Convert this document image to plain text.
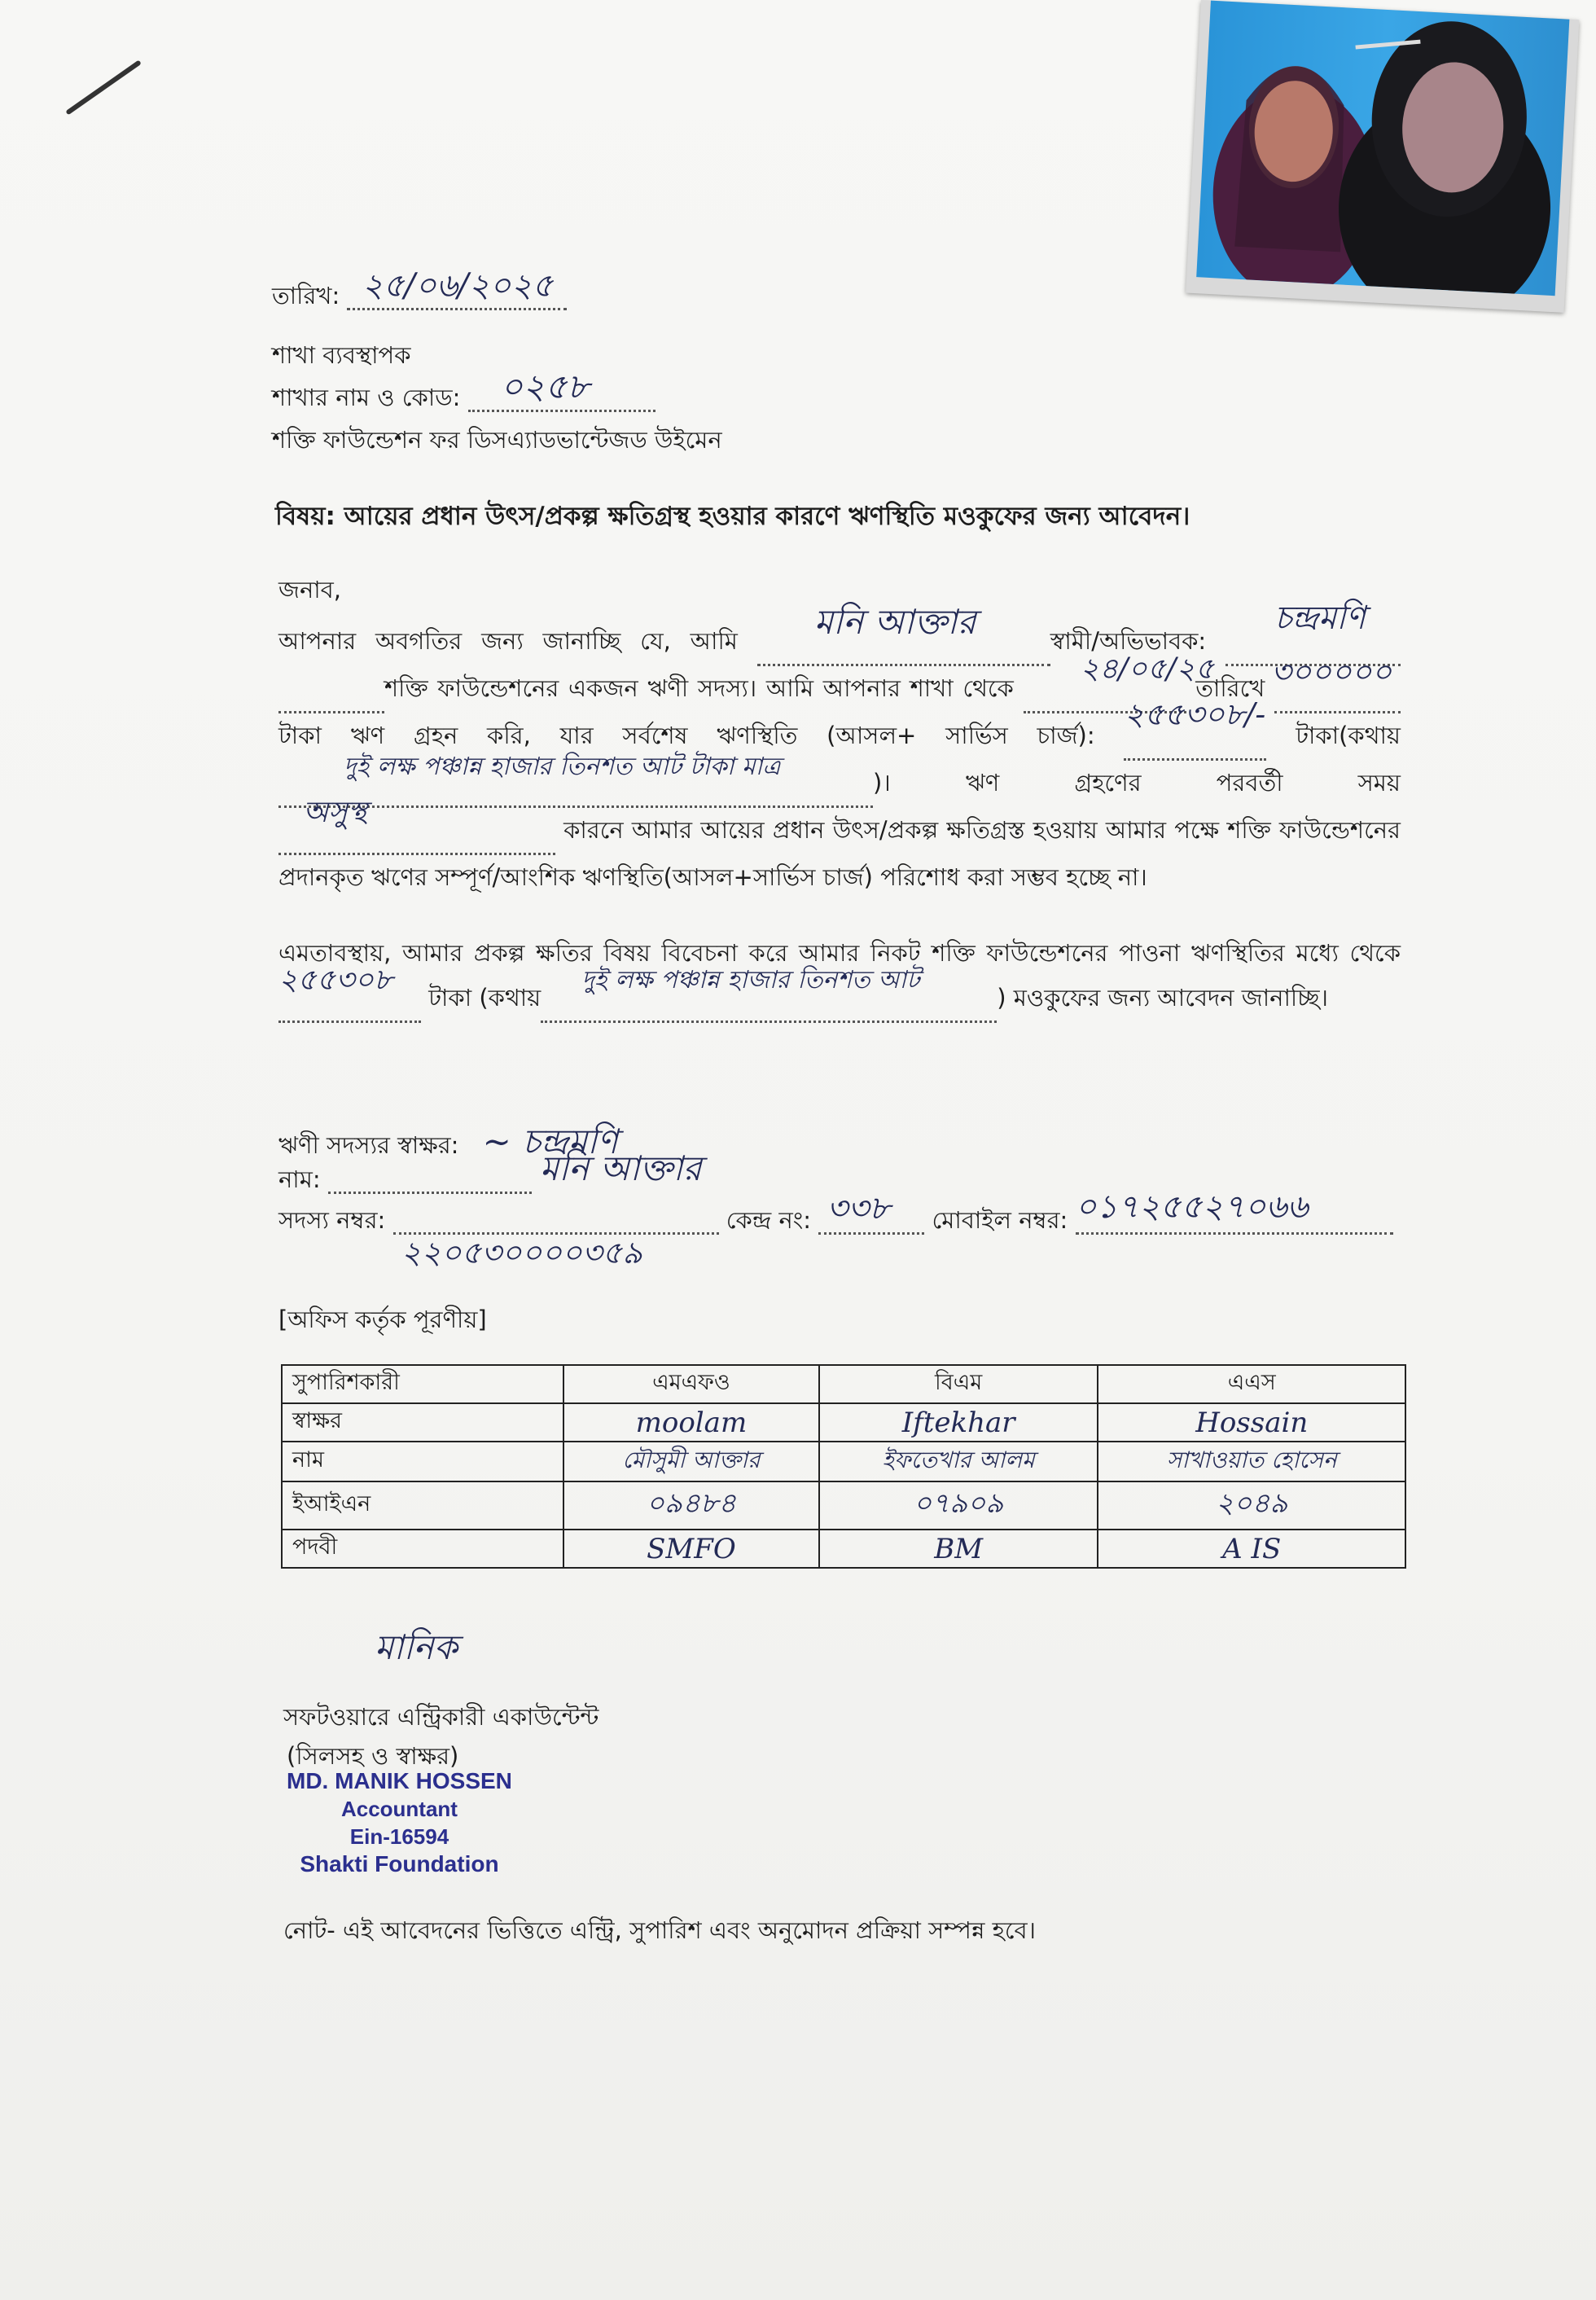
তারিখ: ২৫/০৬/২০২৫
শাখা ব্যবস্থাপক
শাখার নাম ও কোড: ০২৫৮
শক্তি ফাউন্ডেশন ফর ডিসএ্যাডভান্টেজড উইমেন
বিষয়: আয়ের প্রধান উৎস/প্রকল্প ক্ষতিগ্রস্থ হওয়ার কারণে ঋণস্থিতি মওকুফের জন্য আবেদন।
জনাব,
আপনার অবগতির জন্য জানাচ্ছি যে, আমি মনি আক্তার	স্বামী/অভিভাবক:
চন্দ্রমণি
শক্তি ফাউন্ডেশনের একজন ঋণী সদস্য। আমি আপনার শাখা থেকে
২৪/০৫/২৫
তারিখে ৩০০০০০
টাকা ঋণ গ্রহন করি, যার সর্বশেষ ঋণস্থিতি (আসল+ সার্ভিস চার্জ):
২৫৫৩০৮/-
টাকা(কথায়
দুই লক্ষ পঞ্চান্ন হাজার তিনশত আট টাকা মাত্র
)। ঋণ গ্রহণের পরবর্তী সময়
অসুস্থ
কারনে আমার আয়ের প্রধান উৎস/প্রকল্প ক্ষতিগ্রস্ত হওয়ায় আমার পক্ষে শক্তি ফাউন্ডেশনের প্রদানকৃত ঋণের সম্পূর্ণ/আংশিক ঋণস্থিতি(আসল+সার্ভিস চার্জ) পরিশোধ করা সম্ভব হচ্ছে না।
এমতাবস্থায়, আমার প্রকল্প ক্ষতির বিষয় বিবেচনা করে আমার নিকট শক্তি ফাউন্ডেশনের পাওনা ঋণস্থিতির মধ্যে থেকে
২৫৫৩০৮
টাকা (কথায়
দুই লক্ষ পঞ্চান্ন হাজার তিনশত আট
) মওকুফের জন্য আবেদন জানাচ্ছি।
ঋণী সদস্যর স্বাক্ষর: ~ চন্দ্রমণি
নাম:	মনি আক্তার
সদস্য নম্বর:
২২০৫৩০০০০৩৫৯
কেন্দ্র নং: ৩৩৮ মোবাইল নম্বর: ০১৭২৫৫২৭০৬৬
[অফিস কর্তৃক পূরণীয়]
সুপারিশকারী	এমএফও	বিএম	এএস
স্বাক্ষর	moolam	Iftekhar	Hossain
নাম	মৌসুমী আক্তার	ইফতেখার আলম	সাখাওয়াত হোসেন
ইআইএন	০৯৪৮৪	০৭৯০৯	২০৪৯
পদবী	SMFO	BM	A IS
মানিক
সফটওয়ারে এন্ট্রিকারী একাউন্টেন্ট
(সিলসহ ও স্বাক্ষর)
MD. MANIK HOSSEN
Accountant
Ein-16594
Shakti Foundation
নোট- এই আবেদনের ভিত্তিতে এন্ট্রি, সুপারিশ এবং অনুমোদন প্রক্রিয়া সম্পন্ন হবে।
